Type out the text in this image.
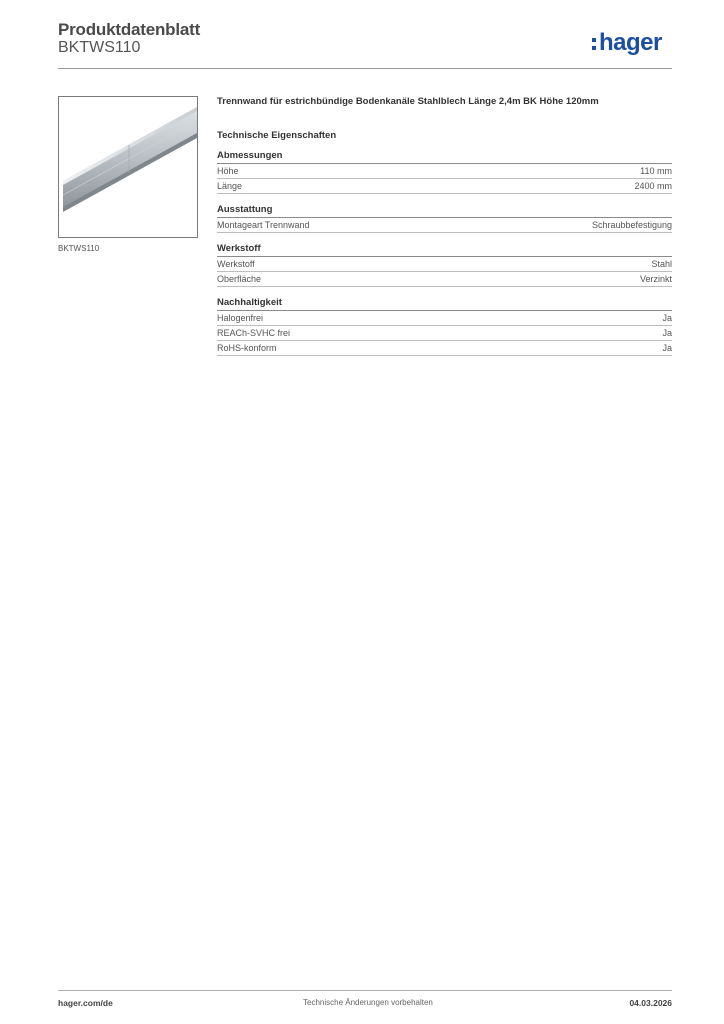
Produktdatenblatt
BKTWS110	hager
BKTWS110
Trennwand für estrichbündige Bodenkanäle Stahlblech Länge 2,4m BK Höhe 120mm
Technische Eigenschaften
Abmessungen
Höhe	110 mm
Länge	2400 mm
Ausstattung
Montageart Trennwand	Schraubbefestigung
Werkstoff
Werkstoff	Stahl
Oberfläche	Verzinkt
Nachhaltigkeit
Halogenfrei	Ja
REACh-SVHC frei	Ja
RoHS-konform	Ja
hager.com/de	Technische Änderungen vorbehalten	04.03.2026
